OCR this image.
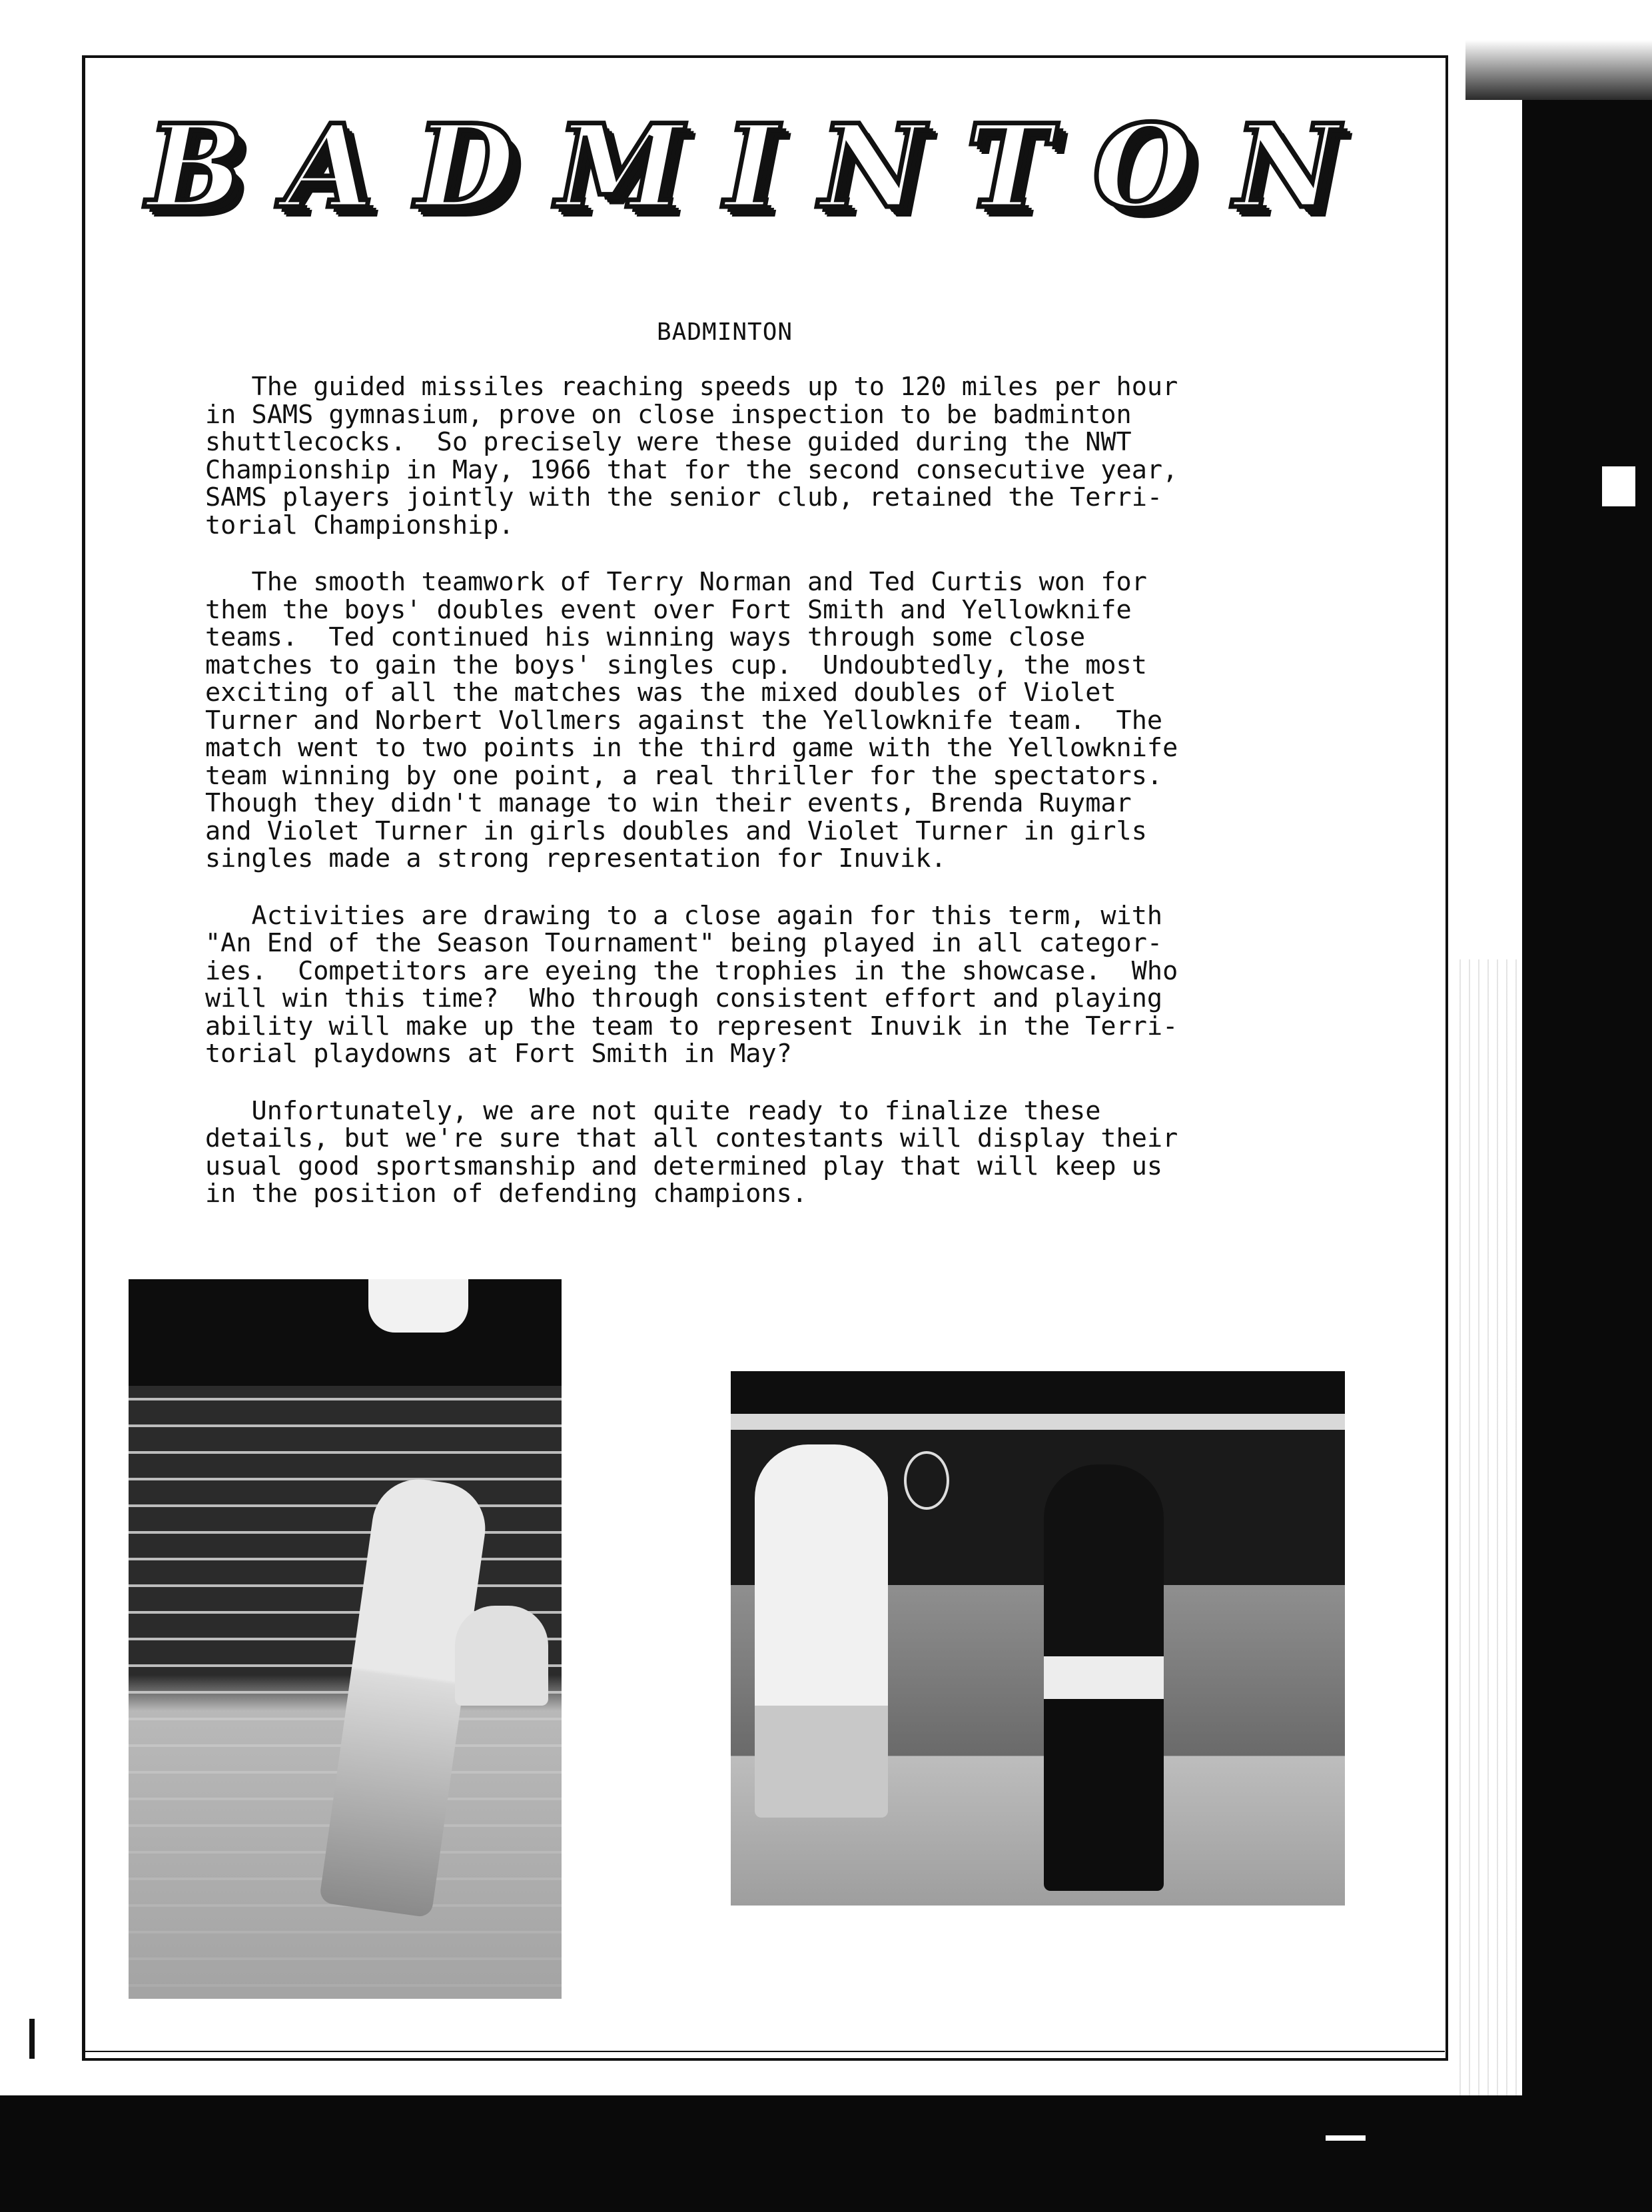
B A D M I N T O N
BADMINTON
The guided missiles reaching speeds up to 120 miles per hour
in SAMS gymnasium, prove on close inspection to be badminton
shuttlecocks.  So precisely were these guided during the NWT
Championship in May, 1966 that for the second consecutive year,
SAMS players jointly with the senior club, retained the Terri-
torial Championship.
The smooth teamwork of Terry Norman and Ted Curtis won for
them the boys' doubles event over Fort Smith and Yellowknife
teams.  Ted continued his winning ways through some close
matches to gain the boys' singles cup.  Undoubtedly, the most
exciting of all the matches was the mixed doubles of Violet
Turner and Norbert Vollmers against the Yellowknife team.  The
match went to two points in the third game with the Yellowknife
team winning by one point, a real thriller for the spectators.
Though they didn't manage to win their events, Brenda Ruymar
and Violet Turner in girls doubles and Violet Turner in girls
singles made a strong representation for Inuvik.
Activities are drawing to a close again for this term, with
"An End of the Season Tournament" being played in all categor-
ies.  Competitors are eyeing the trophies in the showcase.  Who
will win this time?  Who through consistent effort and playing
ability will make up the team to represent Inuvik in the Terri-
torial playdowns at Fort Smith in May?
Unfortunately, we are not quite ready to finalize these
details, but we're sure that all contestants will display their
usual good sportsmanship and determined play that will keep us
in the position of defending champions.
